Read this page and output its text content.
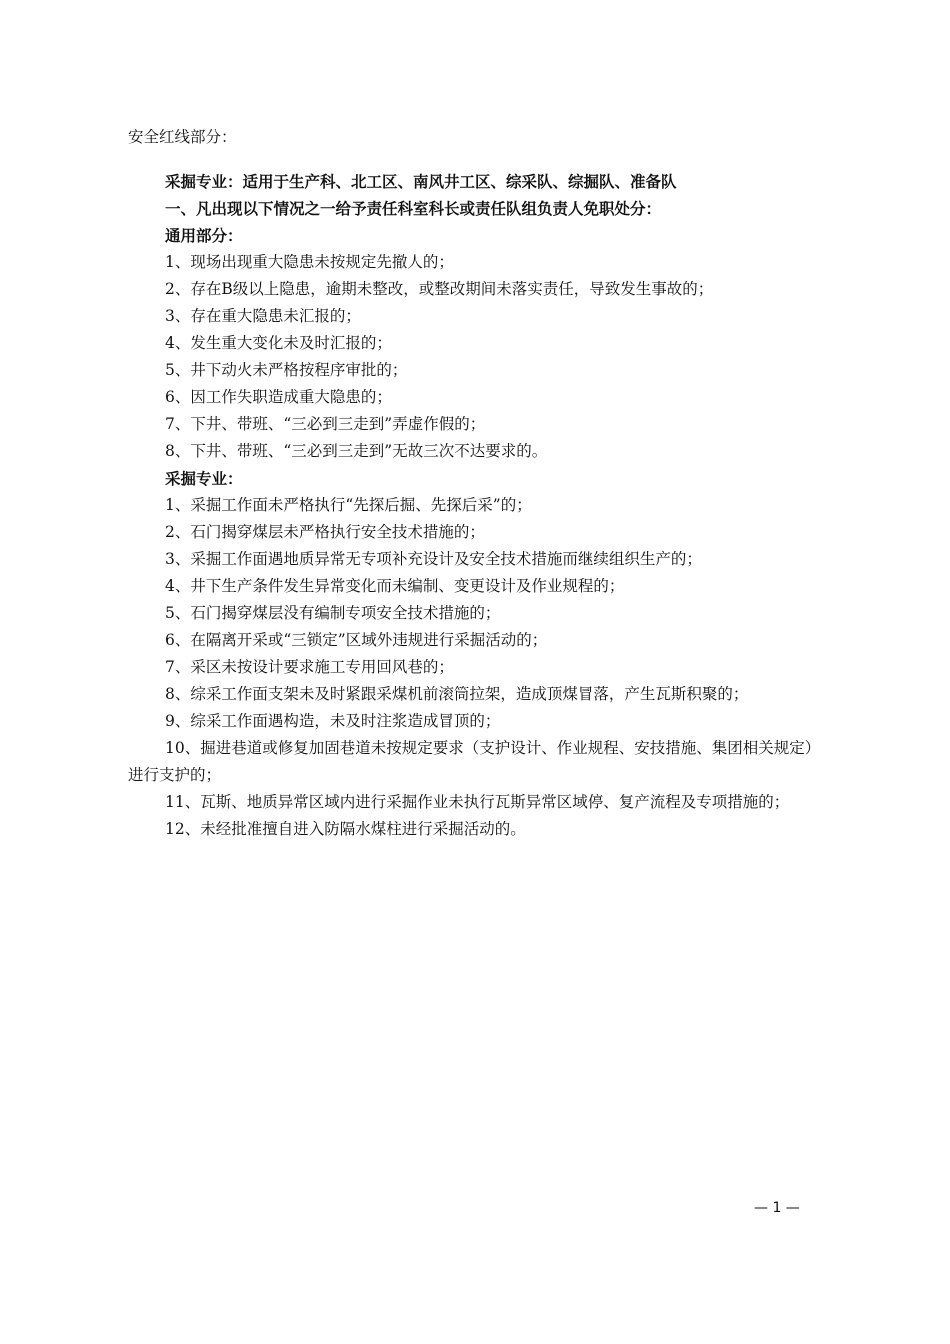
安全红线部分：
采掘专业：适用于生产科、北工区、南风井工区、综采队、综掘队、准备队
一、凡出现以下情况之一给予责任科室科长或责任队组负责人免职处分：
通用部分：
1、现场出现重大隐患未按规定先撤人的；
2、存在B级以上隐患，逾期未整改，或整改期间未落实责任，导致发生事故的；
3、存在重大隐患未汇报的；
4、发生重大变化未及时汇报的；
5、井下动火未严格按程序审批的；
6、因工作失职造成重大隐患的；
7、下井、带班、“三必到三走到”弄虚作假的；
8、下井、带班、“三必到三走到”无故三次不达要求的。
采掘专业：
1、采掘工作面未严格执行“先探后掘、先探后采”的；
2、石门揭穿煤层未严格执行安全技术措施的；
3、采掘工作面遇地质异常无专项补充设计及安全技术措施而继续组织生产的；
4、井下生产条件发生异常变化而未编制、变更设计及作业规程的；
5、石门揭穿煤层没有编制专项安全技术措施的；
6、在隔离开采或“三锁定”区域外违规进行采掘活动的；
7、采区未按设计要求施工专用回风巷的；
8、综采工作面支架未及时紧跟采煤机前滚筒拉架，造成顶煤冒落，产生瓦斯积聚的；
9、综采工作面遇构造，未及时注浆造成冒顶的；
10、掘进巷道或修复加固巷道未按规定要求（支护设计、作业规程、安技措施、集团相关规定）进行支护的；
11、瓦斯、地质异常区域内进行采掘作业未执行瓦斯异常区域停、复产流程及专项措施的；
12、未经批准擅自进入防隔水煤柱进行采掘活动的。
— 1 —
